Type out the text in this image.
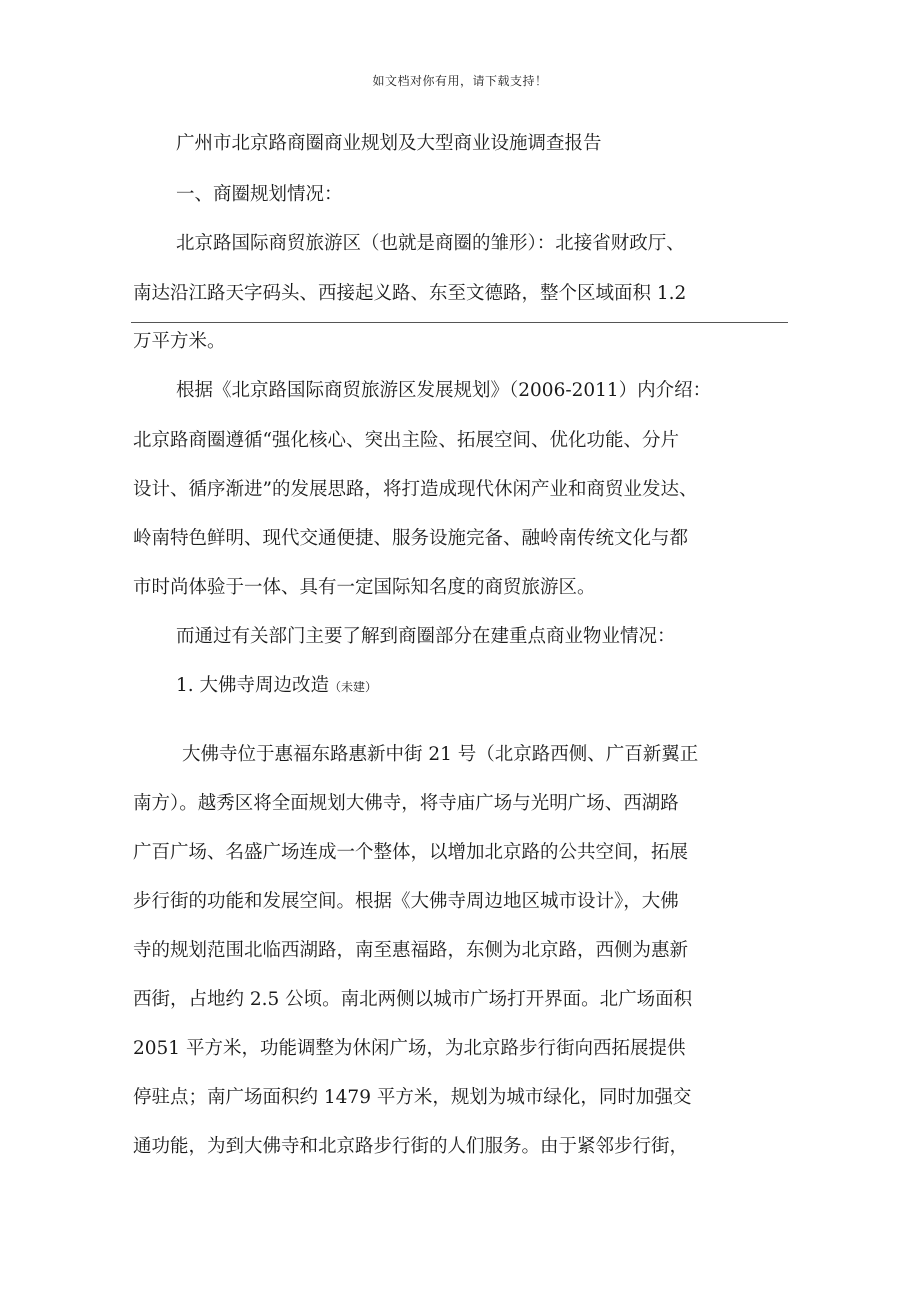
如文档对你有用，请下载支持！
广州市北京路商圈商业规划及大型商业设施调查报告
一、商圈规划情况：
北京路国际商贸旅游区（也就是商圈的雏形）：北接省财政厅、
南达沿江路天字码头、西接起义路、东至文德路，整个区域面积 1.2
万平方米。
根据《北京路国际商贸旅游区发展规划》（2006-2011）内介绍：
北京路商圈遵循“强化核心、突出主险、拓展空间、优化功能、分片
设计、循序渐进”的发展思路，将打造成现代休闲产业和商贸业发达、
岭南特色鲜明、现代交通便捷、服务设施完备、融岭南传统文化与都
市时尚体验于一体、具有一定国际知名度的商贸旅游区。
而通过有关部门主要了解到商圈部分在建重点商业物业情况：
1. 大佛寺周边改造（未建）
大佛寺位于惠福东路惠新中街 21 号（北京路西侧、广百新翼正
南方）。越秀区将全面规划大佛寺，将寺庙广场与光明广场、西湖路
广百广场、名盛广场连成一个整体，以增加北京路的公共空间，拓展
步行街的功能和发展空间。根据《大佛寺周边地区城市设计》，大佛
寺的规划范围北临西湖路，南至惠福路，东侧为北京路，西侧为惠新
西街，占地约 2.5 公顷。南北两侧以城市广场打开界面。北广场面积
2051 平方米，功能调整为休闲广场，为北京路步行街向西拓展提供
停驻点；南广场面积约 1479 平方米，规划为城市绿化，同时加强交
通功能，为到大佛寺和北京路步行街的人们服务。由于紧邻步行街，
